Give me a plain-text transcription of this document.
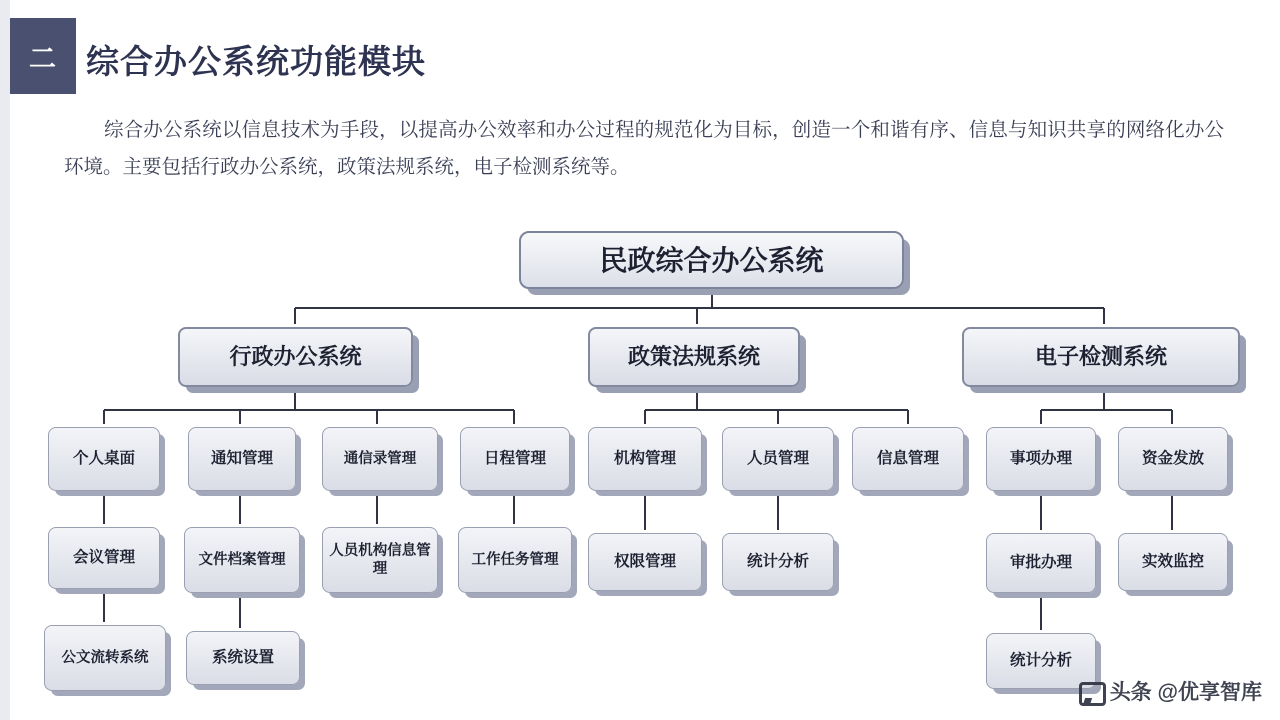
二 综合办公系统功能模块
综合办公系统以信息技术为手段，以提高办公效率和办公过程的规范化为目标，创造一个和谐有序、信息与知识共享的网络化办公环境。主要包括行政办公系统，政策法规系统，电子检测系统等。
民政综合办公系统
行政办公系统	政策法规系统	电子检测系统
个人桌面
会议管理
公文流转系统
通知管理
文件档案管理
系统设置
通信录管理
人员机构信息管理
日程管理
工作任务管理
机构管理
权限管理
人员管理
统计分析
信息管理	事项办理
审批办理
统计分析
资金发放
实效监控
头条 @优享智库
